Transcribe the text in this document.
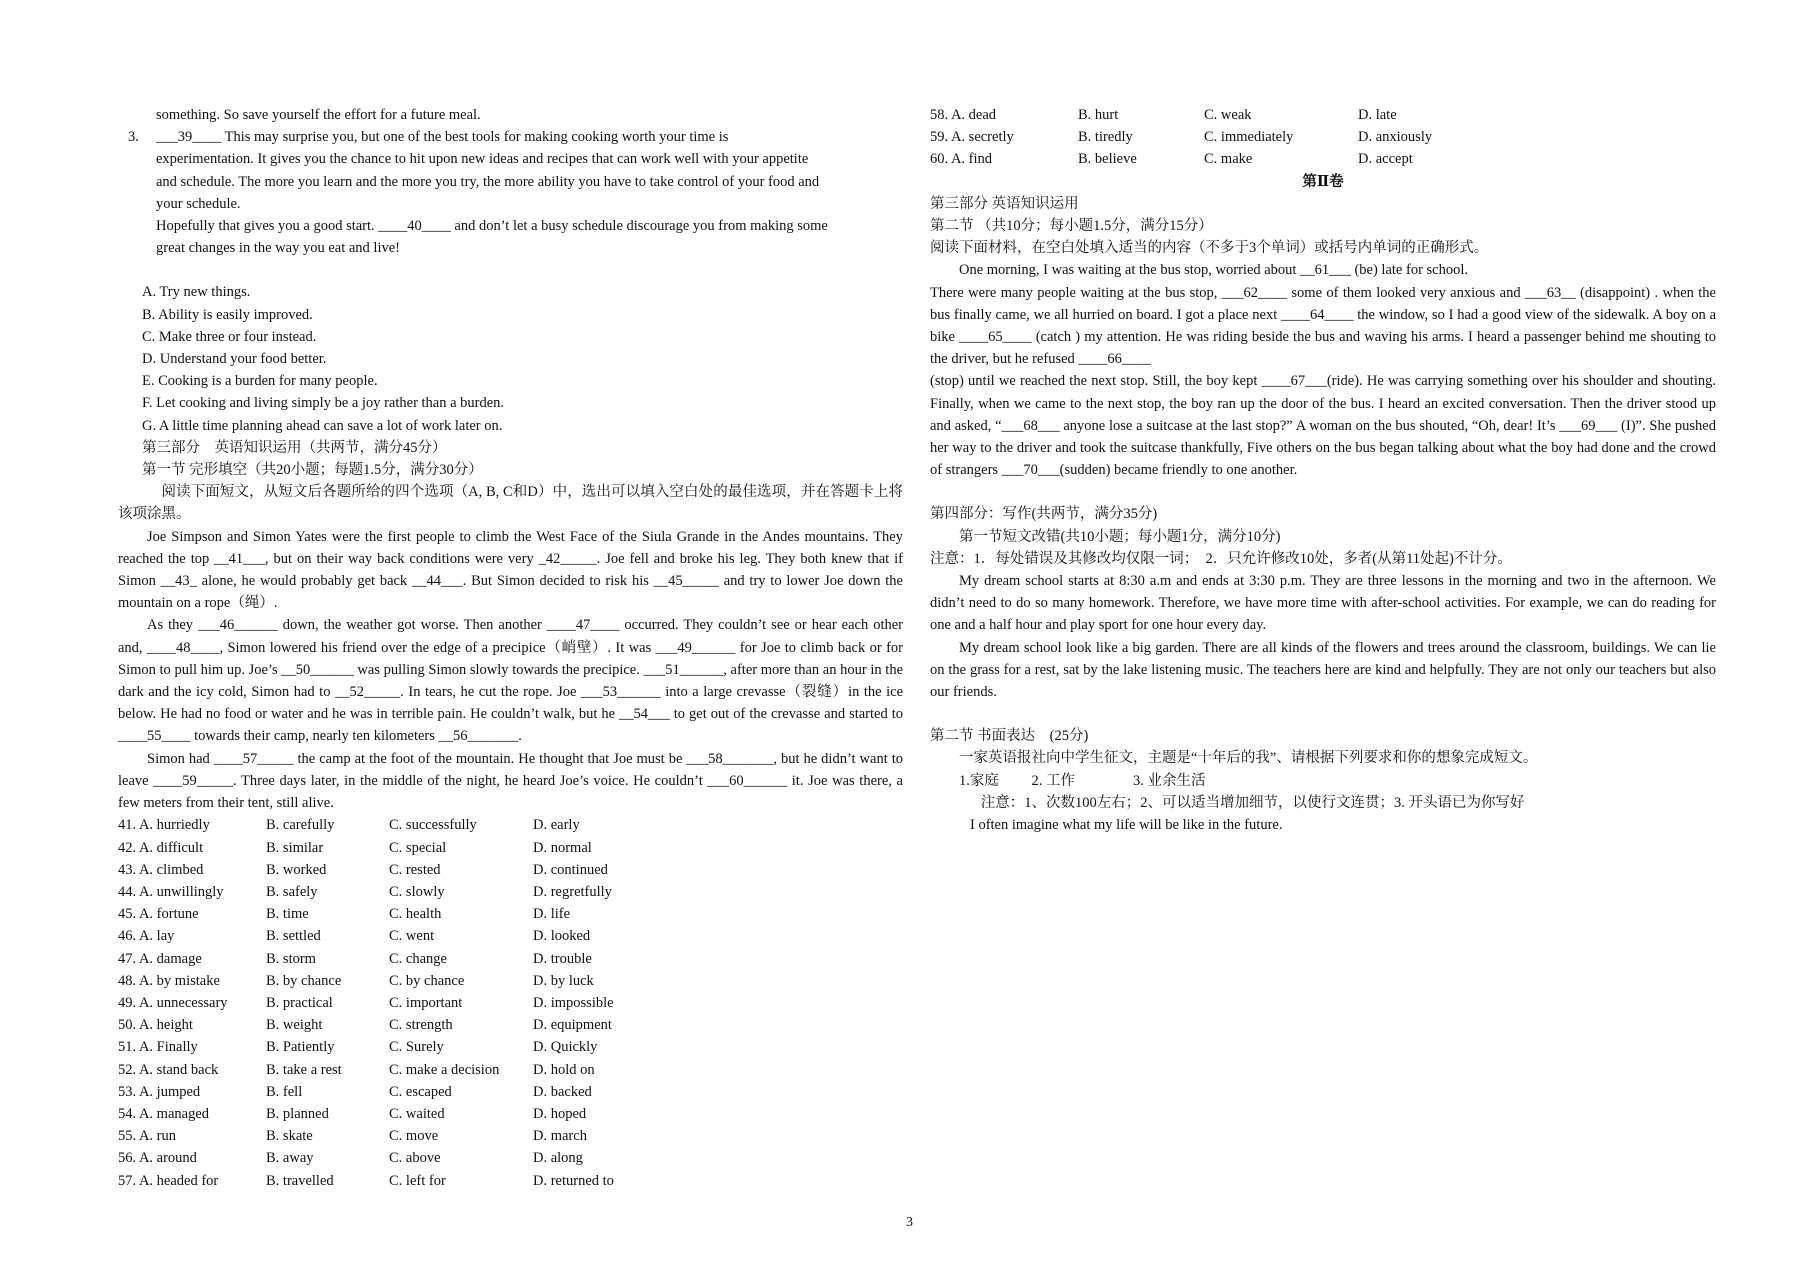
something. So save yourself the effort for a future meal.

3.	___39____ This may surprise you, but one of the best tools for making cooking worth your time is

experimentation. It gives you the chance to hit upon new ideas and recipes that can work well with your appetite

and schedule. The more you learn and the more you try, the more ability you have to take control of your food and

your schedule.

Hopefully that gives you a good start. ____40____ and don’t let a busy schedule discourage you from making some

great changes in the way you eat and live!

A. Try new things.

B. Ability is easily improved.

C. Make three or four instead.

D. Understand your food better.

E. Cooking is a burden for many people.

F. Let cooking and living simply be a joy rather than a burden.

G. A little time planning ahead can save a lot of work later on.

第三部分　英语知识运用（共两节，满分45分）

第一节 完形填空（共20小题；每题1.5分，满分30分）

阅读下面短文，从短文后各题所给的四个选项（A, B, C和D）中，选出可以填入空白处的最佳选项，并在答题卡上将该项涂黑。

Joe Simpson and Simon Yates were the first people to climb the West Face of the Siula Grande in the Andes mountains. They reached the top __41___, but on their way back conditions were very _42_____. Joe fell and broke his leg. They both knew that if Simon __43_ alone, he would probably get back __44___. But Simon decided to risk his __45_____ and try to lower Joe down the mountain on a rope（绳）.

As they ___46______ down, the weather got worse. Then another ____47____ occurred. They couldn’t see or hear each other and, ____48____, Simon lowered his friend over the edge of a precipice（峭壁）. It was ___49______ for Joe to climb back or for Simon to pull him up. Joe’s __50______ was pulling Simon slowly towards the precipice. ___51______, after more than an hour in the dark and the icy cold, Simon had to __52_____. In tears, he cut the rope. Joe ___53______ into a large crevasse（裂缝）in the ice below. He had no food or water and he was in terrible pain. He couldn’t walk, but he __54___ to get out of the crevasse and started to ____55____ towards their camp, nearly ten kilometers __56_______.

Simon had ____57_____ the camp at the foot of the mountain. He thought that Joe must be ___58_______, but he didn’t want to leave ____59_____. Three days later, in the middle of the night, he heard Joe’s voice. He couldn’t ___60______ it. Joe was there, a few meters from their tent, still alive.

41. A. hurriedly	B. carefully	C. successfully	D. early
42. A. difficult	B. similar	C. special	D. normal
43. A. climbed	B. worked	C. rested	D. continued
44. A. unwillingly	B. safely	C. slowly	D. regretfully
45. A. fortune	B. time	C. health	D. life
46. A. lay	B. settled	C. went	D. looked
47. A. damage	B. storm	C. change	D. trouble
48. A. by mistake	B. by chance	C. by chance	D. by luck
49. A. unnecessary	B. practical	C. important	D. impossible
50. A. height	B. weight	C. strength	D. equipment
51. A. Finally	B. Patiently	C. Surely	D. Quickly
52. A. stand back	B. take a rest	C. make a decision	D. hold on
53. A. jumped	B. fell	C. escaped	D. backed
54. A. managed	B. planned	C. waited	D. hoped
55. A. run	B. skate	C. move	D. march
56. A. around	B. away	C. above	D. along
57. A. headed for	B. travelled	C. left for	D. returned to
58. A. dead	B. hurt	C. weak	D. late
59. A. secretly	B. tiredly	C. immediately	D. anxiously
60. A. find	B. believe	C. make	D. accept

第Ⅱ卷

第三部分 英语知识运用

第二节 （共10分；每小题1.5分，满分15分）

阅读下面材料，在空白处填入适当的内容（不多于3个单词）或括号内单词的正确形式。

One morning, I was waiting at the bus stop, worried about __61___ (be) late for school.

There were many people waiting at the bus stop, ___62____ some of them looked very anxious and ___63__ (disappoint) . when the bus finally came, we all hurried on board. I got a place next ____64____ the window, so I had a good view of the sidewalk. A boy on a bike ____65____ (catch ) my attention. He was riding beside the bus and waving his arms. I heard a passenger behind me shouting to the driver, but he refused ____66____

(stop) until we reached the next stop. Still, the boy kept ____67___(ride). He was carrying something over his shoulder and shouting. Finally, when we came to the next stop, the boy ran up the door of the bus. I heard an excited conversation. Then the driver stood up and asked, “___68___ anyone lose a suitcase at the last stop?” A woman on the bus shouted, “Oh, dear! It’s ___69___ (I)”. She pushed her way to the driver and took the suitcase thankfully, Five others on the bus began talking about what the boy had done and the crowd of strangers ___70___(sudden) became friendly to one another.

第四部分：写作(共两节，满分35分)

第一节短文改错(共10小题；每小题1分，满分10分)

注意：1．每处错误及其修改均仅限一词；　2．只允许修改10处，多者(从第11处起)不计分。

My dream school starts at 8:30 a.m and ends at 3:30 p.m. They are three lessons in the morning and two in the afternoon. We didn’t need to do so many homework. Therefore, we have more time with after-school activities. For example, we can do reading for one and a half hour and play sport for one hour every day.

My dream school look like a big garden. There are all kinds of the flowers and trees around the classroom, buildings. We can lie on the grass for a rest, sat by the lake listening music. The teachers here are kind and helpfully. They are not only our teachers but also our friends.

第二节 书面表达　(25分)

一家英语报社向中学生征文，主题是“十年后的我”、请根据下列要求和你的想象完成短文。

1.家庭　　 2. 工作　　　　3. 业余生活

注意：1、次数100左右；2、可以适当增加细节，以使行文连贯；3. 开头语已为你写好

I often imagine what my life will be like in the future.

3
